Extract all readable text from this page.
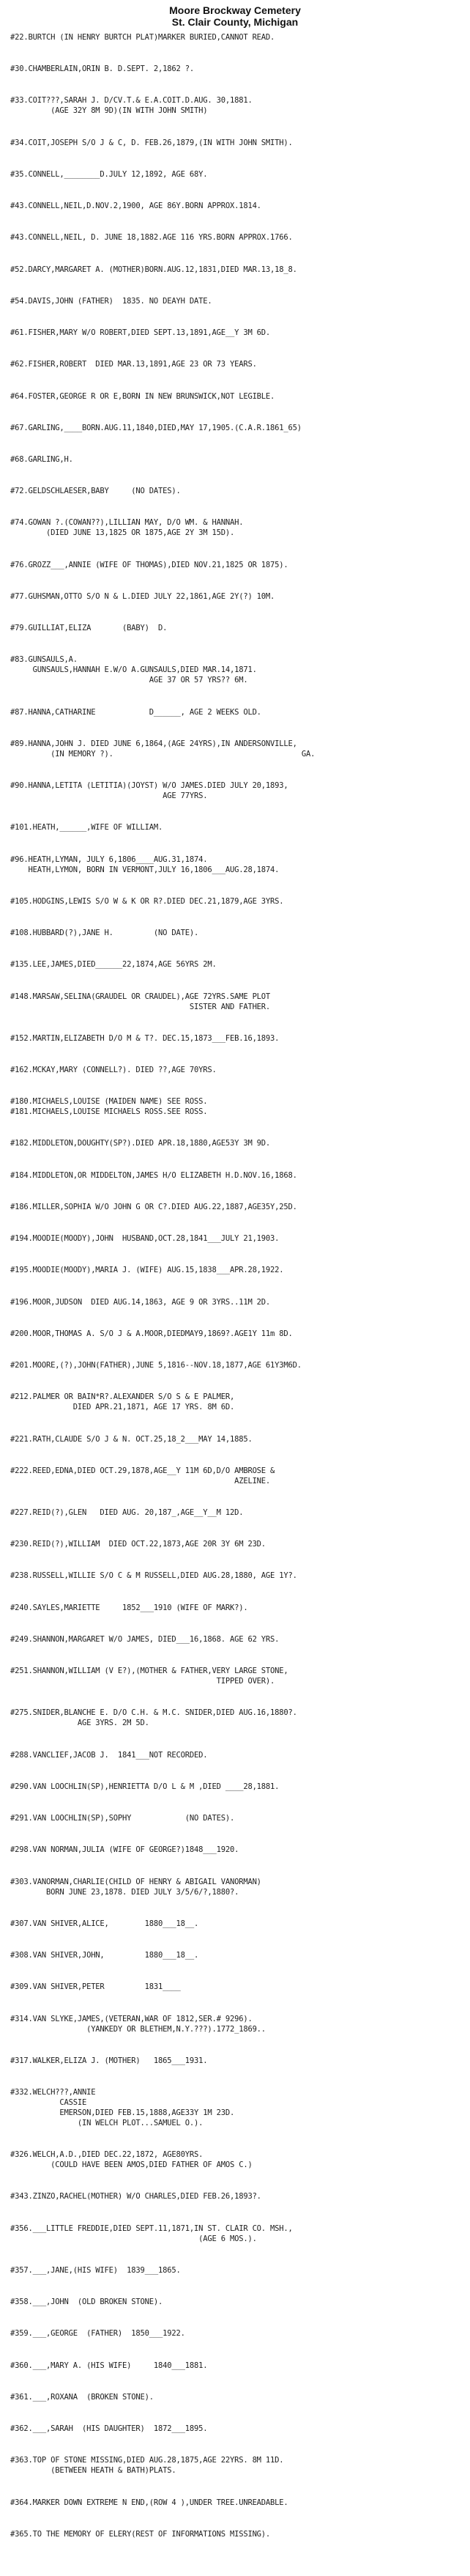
Moore Brockway Cemetery
St. Clair County, Michigan
#22.BURTCH (IN HENRY BURTCH PLAT)MARKER BURIED,CANNOT READ.
#30.CHAMBERLAIN,ORIN B. D.SEPT. 2,1862 ?.
#33.COIT???,SARAH J. D/CV.T.& E.A.COIT.D.AUG. 30,1881.
(AGE 32Y 8M 9D)(IN WITH JOHN SMITH)
#34.COIT,JOSEPH S/O J & C, D. FEB.26,1879,(IN WITH JOHN SMITH).
#35.CONNELL,________D.JULY 12,1892, AGE 68Y.
#43.CONNELL,NEIL,D.NOV.2,1900, AGE 86Y.BORN APPROX.1814.
#43.CONNELL,NEIL, D. JUNE 18,1882.AGE 116 YRS.BORN APPROX.1766.
#52.DARCY,MARGARET A. (MOTHER)BORN.AUG.12,1831,DIED MAR.13,18_8.
#54.DAVIS,JOHN (FATHER)  1835. NO DEAYH DATE.
#61.FISHER,MARY W/O ROBERT,DIED SEPT.13,1891,AGE__Y 3M 6D.
#62.FISHER,ROBERT  DIED MAR.13,1891,AGE 23 OR 73 YEARS.
#64.FOSTER,GEORGE R OR E,BORN IN NEW BRUNSWICK,NOT LEGIBLE.
#67.GARLING,____BORN.AUG.11,1840,DIED,MAY 17,1905.(C.A.R.1861_65)
#68.GARLING,H.
#72.GELDSCHLAESER,BABY     (NO DATES).
#74.GOWAN ?.(COWAN??),LILLIAN MAY, D/O WM. & HANNAH.
(DIED JUNE 13,1825 OR 1875,AGE 2Y 3M 15D).
#76.GROZZ___,ANNIE (WIFE OF THOMAS),DIED NOV.21,1825 OR 1875).
#77.GUHSMAN,OTTO S/O N & L.DIED JULY 22,1861,AGE 2Y(?) 10M.
#79.GUILLIAT,ELIZA       (BABY)  D.
#83.GUNSAULS,A.
GUNSAULS,HANNAH E.W/O A.GUNSAULS,DIED MAR.14,1871.
AGE 37 OR 57 YRS?? 6M.
#87.HANNA,CATHARINE            D______, AGE 2 WEEKS OLD.
#89.HANNA,JOHN J. DIED JUNE 6,1864,(AGE 24YRS),IN ANDERSONVILLE,
(IN MEMORY ?).                                          GA.
#90.HANNA,LETITA (LETITIA)(JOYST) W/O JAMES.DIED JULY 20,1893,
AGE 77YRS.
#101.HEATH,______,WIFE OF WILLIAM.
#96.HEATH,LYMAN, JULY 6,1806____AUG.31,1874.
HEATH,LYMON, BORN IN VERMONT,JULY 16,1806___AUG.28,1874.
#105.HODGINS,LEWIS S/O W & K OR R?.DIED DEC.21,1879,AGE 3YRS.
#108.HUBBARD(?),JANE H.         (NO DATE).
#135.LEE,JAMES,DIED______22,1874,AGE 56YRS 2M.
#148.MARSAW,SELINA(GRAUDEL OR CRAUDEL),AGE 72YRS.SAME PLOT
SISTER AND FATHER.
#152.MARTIN,ELIZABETH D/O M & T?. DEC.15,1873___FEB.16,1893.
#162.MCKAY,MARY (CONNELL?). DIED ??,AGE 70YRS.
#180.MICHAELS,LOUISE (MAIDEN NAME) SEE ROSS.
#181.MICHAELS,LOUISE MICHAELS ROSS.SEE ROSS.
#182.MIDDLETON,DOUGHTY(SP?).DIED APR.18,1880,AGE53Y 3M 9D.
#184.MIDDLETON,OR MIDDELTON,JAMES H/O ELIZABETH H.D.NOV.16,1868.
#186.MILLER,SOPHIA W/O JOHN G OR C?.DIED AUG.22,1887,AGE35Y,25D.
#194.MOODIE(MOODY),JOHN  HUSBAND,OCT.28,1841___JULY 21,1903.
#195.MOODIE(MOODY),MARIA J. (WIFE) AUG.15,1838___APR.28,1922.
#196.MOOR,JUDSON  DIED AUG.14,1863, AGE 9 OR 3YRS..11M 2D.
#200.MOOR,THOMAS A. S/O J & A.MOOR,DIEDMAY9,1869?.AGE1Y 11m 8D.
#201.MOORE,(?),JOHN(FATHER),JUNE 5,1816--NOV.18,1877,AGE 61Y3M6D.
#212.PALMER OR BAIN*R?.ALEXANDER S/O S & E PALMER,
DIED APR.21,1871, AGE 17 YRS. 8M 6D.
#221.RATH,CLAUDE S/O J & N. OCT.25,18_2___MAY 14,1885.
#222.REED,EDNA,DIED OCT.29,1878,AGE__Y 11M 6D,D/O AMBROSE &
AZELINE.
#227.REID(?),GLEN   DIED AUG. 20,187_,AGE__Y__M 12D.
#230.REID(?),WILLIAM  DIED OCT.22,1873,AGE 20R 3Y 6M 23D.
#238.RUSSELL,WILLIE S/O C & M RUSSELL,DIED AUG.28,1880, AGE 1Y?.
#240.SAYLES,MARIETTE     1852___1910 (WIFE OF MARK?).
#249.SHANNON,MARGARET W/O JAMES, DIED___16,1868. AGE 62 YRS.
#251.SHANNON,WILLIAM (V E?),(MOTHER & FATHER,VERY LARGE STONE,
TIPPED OVER).
#275.SNIDER,BLANCHE E. D/O C.H. & M.C. SNIDER,DIED AUG.16,1880?.
AGE 3YRS. 2M 5D.
#288.VANCLIEF,JACOB J.  1841___NOT RECORDED.
#290.VAN LOOCHLIN(SP),HENRIETTA D/O L & M ,DIED ____28,1881.
#291.VAN LOOCHLIN(SP),SOPHY            (NO DATES).
#298.VAN NORMAN,JULIA (WIFE OF GEORGE?)1848___1920.
#303.VANORMAN,CHARLIE(CHILD OF HENRY & ABIGAIL VANORMAN)
BORN JUNE 23,1878. DIED JULY 3/5/6/?,1880?.
#307.VAN SHIVER,ALICE,        1880___18__.
#308.VAN SHIVER,JOHN,         1880___18__.
#309.VAN SHIVER,PETER         1831____
#314.VAN SLYKE,JAMES,(VETERAN,WAR OF 1812,SER.# 9296).
(YANKEDY OR BLETHEM,N.Y.???).1772_1869..
#317.WALKER,ELIZA J. (MOTHER)   1865___1931.
#332.WELCH???,ANNIE
CASSIE
EMERSON,DIED FEB.15,1888,AGE33Y 1M 23D.
(IN WELCH PLOT...SAMUEL O.).
#326.WELCH,A.D.,DIED DEC.22,1872, AGE80YRS.
(COULD HAVE BEEN AMOS,DIED FATHER OF AMOS C.)
#343.ZINZO,RACHEL(MOTHER) W/O CHARLES,DIED FEB.26,1893?.
#356.___LITTLE FREDDIE,DIED SEPT.11,1871,IN ST. CLAIR CO. MSH.,
(AGE 6 MOS.).
#357.___,JANE,(HIS WIFE)  1839___1865.
#358.___,JOHN  (OLD BROKEN STONE).
#359.___,GEORGE  (FATHER)  1850___1922.
#360.___,MARY A. (HIS WIFE)     1840___1881.
#361.___,ROXANA  (BROKEN STONE).
#362.___,SARAH  (HIS DAUGHTER)  1872___1895.
#363.TOP OF STONE MISSING,DIED AUG.28,1875,AGE 22YRS. 8M 11D.
(BETWEEN HEATH & BATH)PLATS.
#364.MARKER DOWN EXTREME N END,(ROW 4 ),UNDER TREE.UNREADABLE.
#365.TO THE MEMORY OF ELERY(REST OF INFORMATIONS MISSING).
